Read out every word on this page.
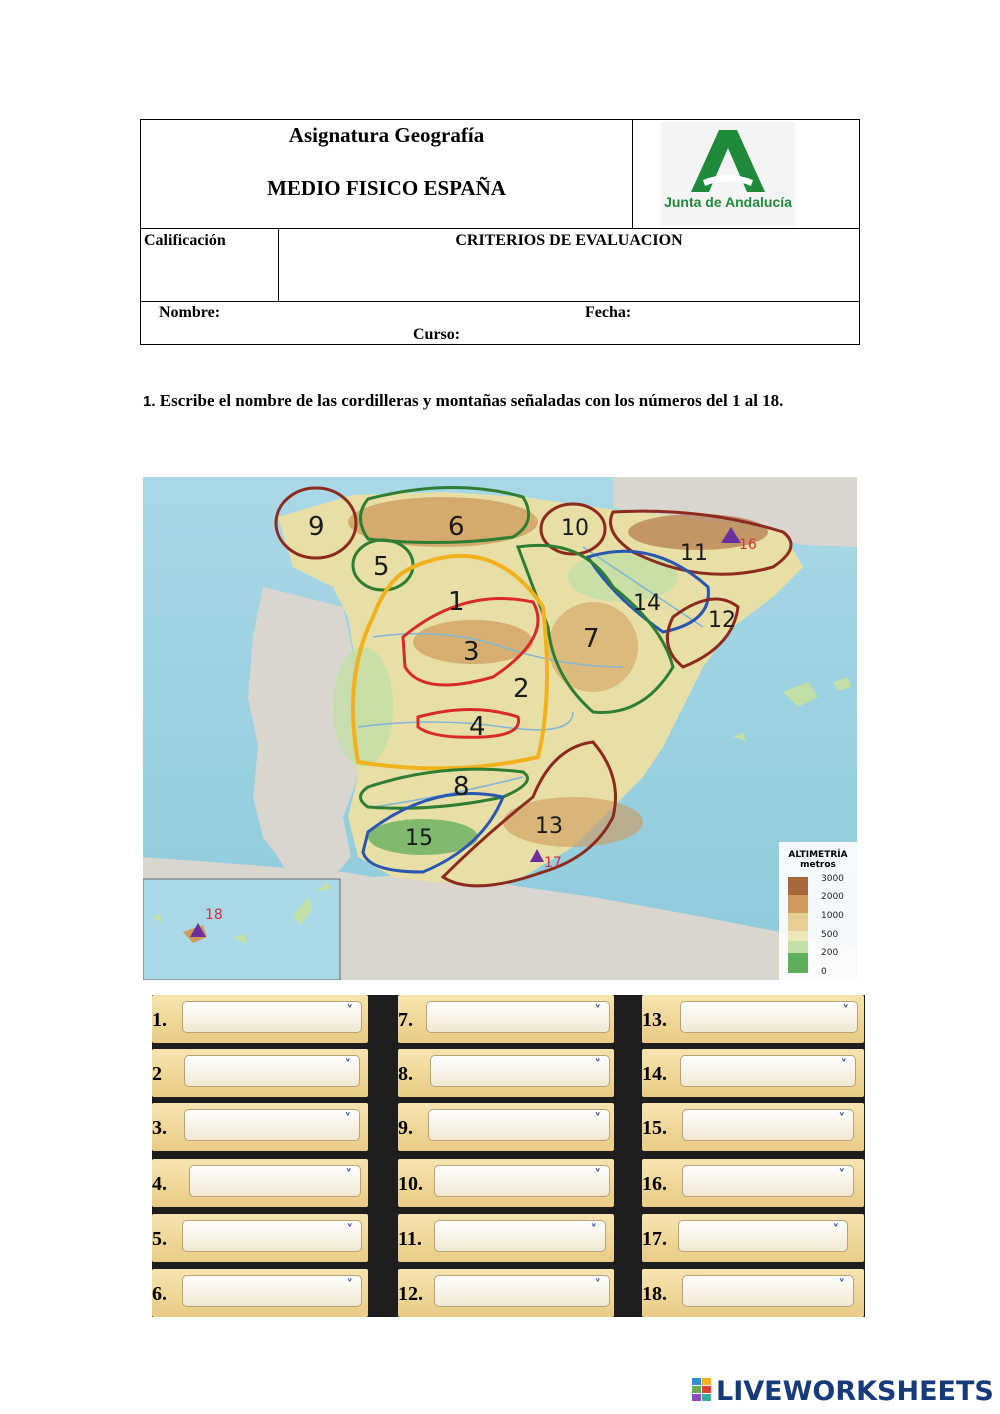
Asignatura Geografía
MEDIO FISICO ESPAÑA
Junta de Andalucía
Calificación	CRITERIOS DE EVALUACION
Nombre:	Fecha:
Curso:
1. Escribe el nombre de las cordilleras y montañas señaladas con los números del 1 al 18.
9	6
5
10
11
14
12
1
7
3
2
4
8
13
15
16
17
18
ALTIMETRÍA
metros
3000
2000
1000
500
200
0
1.	˅
2	˅
3.	˅
4.	˅
5.	˅
6.	˅
7.	˅
8.	˅
9.	˅
10.	˅
11.	˅
12.	˅
13.	˅
14.	˅
15.	˅
16.	˅
17.	˅
18.	˅
LIVEWORKSHEETS
